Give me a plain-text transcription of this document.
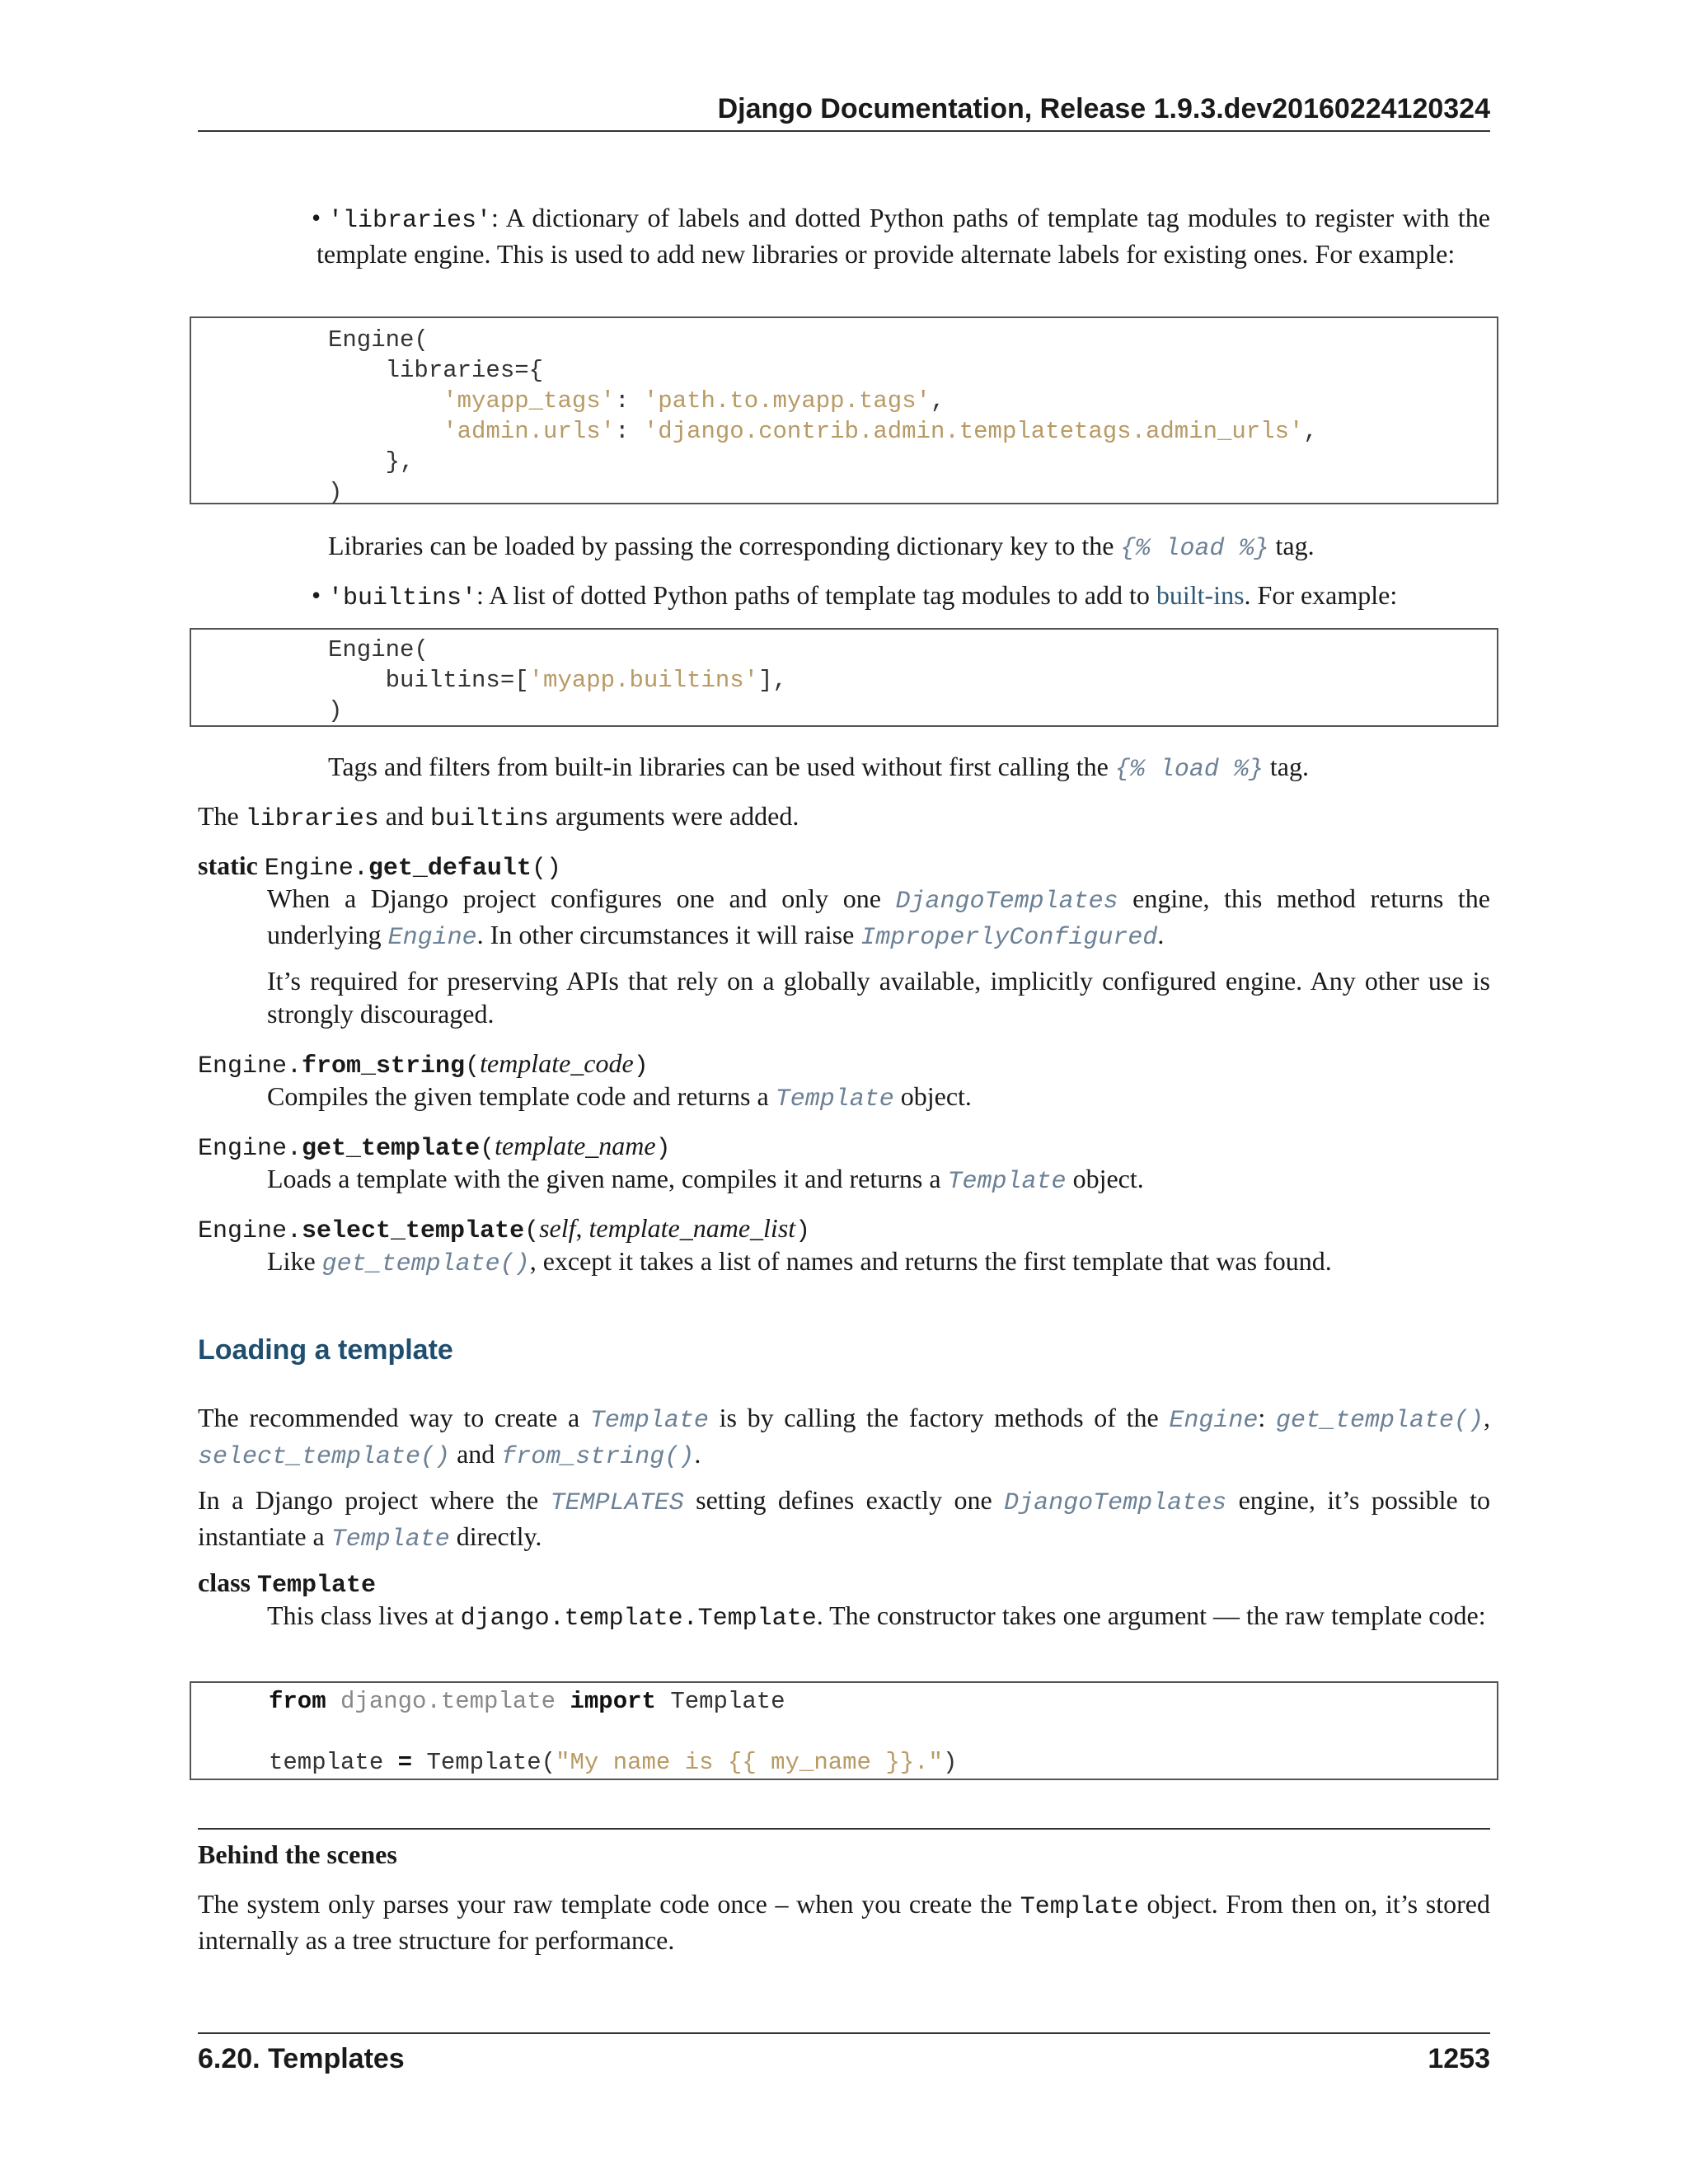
Django Documentation, Release 1.9.3.dev20160224120324
• 'libraries': A dictionary of labels and dotted Python paths of template tag modules to register with the template engine. This is used to add new libraries or provide alternate labels for existing ones. For example:
Engine(
libraries={
'myapp_tags': 'path.to.myapp.tags',
'admin.urls': 'django.contrib.admin.templatetags.admin_urls',
},
)
Libraries can be loaded by passing the corresponding dictionary key to the {% load %} tag.
• 'builtins': A list of dotted Python paths of template tag modules to add to built-ins. For example:
Engine(
builtins=['myapp.builtins'],
)
Tags and filters from built-in libraries can be used without first calling the {% load %} tag.
The libraries and builtins arguments were added.
static Engine.get_default()
When a Django project configures one and only one DjangoTemplates engine, this method returns the underlying Engine. In other circumstances it will raise ImproperlyConfigured.
It’s required for preserving APIs that rely on a globally available, implicitly configured engine. Any other use is strongly discouraged.
Engine.from_string(template_code)
Compiles the given template code and returns a Template object.
Engine.get_template(template_name)
Loads a template with the given name, compiles it and returns a Template object.
Engine.select_template(self, template_name_list)
Like get_template(), except it takes a list of names and returns the first template that was found.
Loading a template
The recommended way to create a Template is by calling the factory methods of the Engine: get_template(), select_template() and from_string().
In a Django project where the TEMPLATES setting defines exactly one DjangoTemplates engine, it’s possible to instantiate a Template directly.
class Template
This class lives at django.template.Template. The constructor takes one argument — the raw template code:
from django.template import Template

template = Template("My name is {{ my_name }}.")
Behind the scenes
The system only parses your raw template code once – when you create the Template object. From then on, it’s stored internally as a tree structure for performance.
6.20. Templates	1253
